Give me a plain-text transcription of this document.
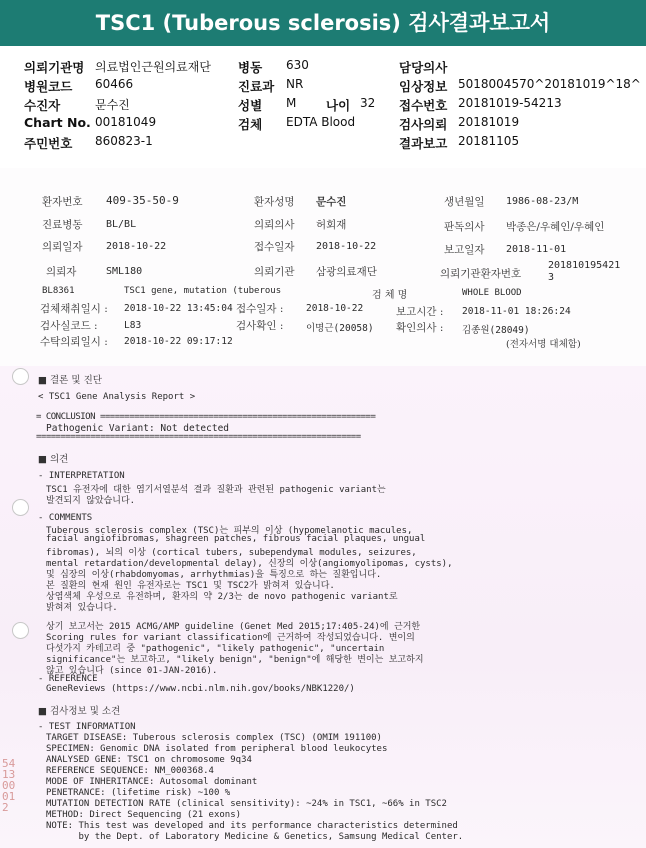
TSC1 (Tuberous sclerosis) 검사결과보고서
의뢰기관명 의료법인근원의료재단
병원코드 60466
수진자	문수진
Chart No. 00181049
주민번호 860823-1
병동 630
진료과 NR
성별 M 나이 32
검체 EDTA Blood
담당의사
임상정보 5018004570^20181019^18^
접수번호 20181019-54213
검사의뢰 20181019
결과보고 20181105
환자번호 409-35-50-9	환자성명 문수진	생년월일 1986-08-23/M
진료병동 BL/BL	의뢰의사 허회재	판독의사 박종은/우혜인/우혜인
의뢰일자 2018-10-22	접수일자 2018-10-22	보고일자 2018-11-01
의뢰자	SML180	의뢰기관 삼광의료재단	의뢰기관환자번호
201810195421
3
BL8361	TSC1 gene, mutation (tuberous	검 체 명	WHOLE BLOOD
검체채취일시 : 2018-10-22 13:45:04 접수일자 : 2018-10-22	보고시간 : 2018-11-01 18:26:24
검사실코드 :	L83	검사확인 : 이명근(20058) 확인의사 : 김종원(28049)
수탁의뢰일시 : 2018-10-22 09:17:12	(전자서명 대체함)
■ 결론 및 진단
< TSC1 Gene Analysis Report >
= CONCLUSION ========================================================
Pathogenic Variant: Not detected
==================================================================
■ 의견
- INTERPRETATION
TSC1 유전자에 대한 염기서열분석 결과 질환과 관련된 pathogenic variant는
발견되지 않았습니다.
- COMMENTS
Tuberous sclerosis complex (TSC)는 피부의 이상 (hypomelanotic macules,
facial angiofibromas, shagreen patches, fibrous facial plaques, ungual
fibromas), 뇌의 이상 (cortical tubers, subependymal modules, seizures,
mental retardation/developmental delay), 신장의 이상(angiomyolipomas, cysts),
및 심장의 이상(rhabdomyomas, arrhythmias)을 특징으로 하는 질환입니다.
본 질환의 현재 원인 유전자로는 TSC1 및 TSC2가 밝혀져 있습니다.
상염색체 우성으로 유전하며, 환자의 약 2/3는 de novo pathogenic variant로
밝혀져 있습니다.
상기 보고서는 2015 ACMG/AMP guideline (Genet Med 2015;17:405-24)에 근거한
Scoring rules for variant classification에 근거하여 작성되었습니다. 변이의
다섯가지 카테고리 중 "pathogenic", "likely pathogenic", "uncertain
significance"는 보고하고, "likely benign", "benign"에 해당한 변이는 보고하지
않고 있습니다 (since 01-JAN-2016).
- REFERENCE
GeneReviews (https://www.ncbi.nlm.nih.gov/books/NBK1220/)
■ 검사정보 및 소견
- TEST INFORMATION
TARGET DISEASE: Tuberous sclerosis complex (TSC) (OMIM 191100)
SPECIMEN: Genomic DNA isolated from peripheral blood leukocytes
ANALYSED GENE: TSC1 on chromosome 9q34
REFERENCE SEQUENCE: NM_000368.4
MODE OF INHERITANCE: Autosomal dominant
PENETRANCE: (lifetime risk) ~100 %
MUTATION DETECTION RATE (clinical sensitivity): ~24% in TSC1, ~66% in TSC2
METHOD: Direct Sequencing (21 exons)
NOTE: This test was developed and its performance characteristics determined
by the Dept. of Laboratory Medicine & Genetics, Samsung Medical Center.
541300012
